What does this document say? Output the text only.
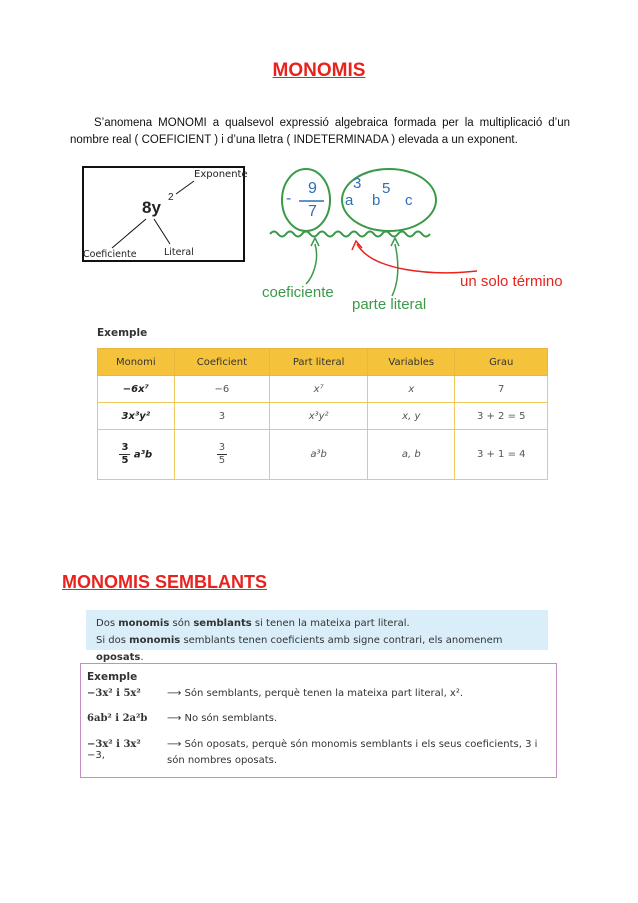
MONOMIS
S’anomena MONOMI a qualsevol expressió algebraica formada per la multiplicació d’un nombre real ( COEFICIENT ) i d’una lletra ( INDETERMINADA ) elevada a un exponent.
8y
2
Exponente
Coeficiente	Literal
-
9
7
a
3
b
5
c
coeficiente
parte literal
un solo término
Exemple
Monomi	Coeficient	Part literal	Variables	Grau
−6x⁷	−6	x⁷	x	7
3x³y²	3	x³y²	x, y	3 + 2 = 5

$\frac{3}{5} a^3b$	$\frac{3}{5}$	a³b	a, b	3 + 1 = 4
MONOMIS SEMBLANTS
Dos monomis són semblants si tenen la mateixa part literal.
Si dos monomis semblants tenen coeficients amb signe contrari, els anomenem oposats.
Exemple
−3x² i 5x²	⟶ Són semblants, perquè tenen la mateixa part literal, x².
6ab² i 2a²b ⟶ No són semblants.
−3x² i 3x²	⟶ Són oposats, perquè són monomis semblants i els seus coeficients, 3 i −3,	són nombres oposats.
